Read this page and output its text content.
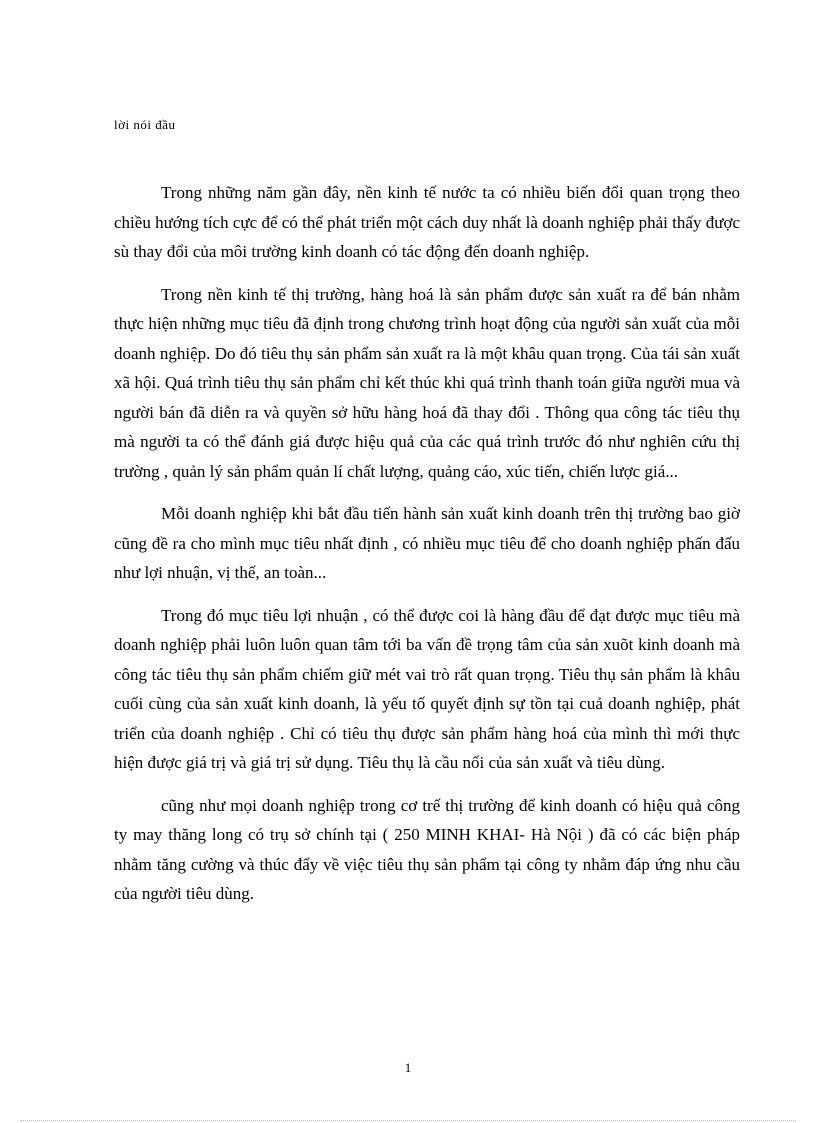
lời nói đầu

Trong những năm gần đây, nền kinh tế nước ta có nhiều biến đổi quan trọng theo chiều hướng tích cực để có thể phát triển một cách duy nhất là doanh nghiệp phải thấy được sù thay đổi của môi trường kinh doanh có tác động đến doanh nghiệp.

Trong nền kinh tế thị trường, hàng hoá là sản phẩm được sản xuất ra để bán nhằm thực hiện những mục tiêu đã định trong chương trình hoạt động của người sản xuất của mỗi doanh nghiệp. Do đó tiêu thụ sản phẩm sản xuất ra là một khâu quan trọng. Của tái sản xuất xã hội. Quá trình tiêu thụ sản phẩm chỉ kết thúc khi quá trình thanh toán giữa người mua và người bán đã diễn ra và quyền sở hữu hàng hoá đã thay đổi . Thông qua công tác tiêu thụ mà người ta có thể đánh giá được hiệu quả của các quá trình trước đó như nghiên cứu thị trường , quản lý sản phẩm quản lí chất lượng, quảng cáo, xúc tiến, chiến lược giá...

Mỗi doanh nghiệp khi bắt đầu tiến hành sản xuất kinh doanh trên thị trường bao giờ cũng đề ra cho mình mục tiêu nhất định , có nhiều mục tiêu để cho doanh nghiệp phấn đấu như lợi nhuận, vị thế, an toàn...

Trong đó mục tiêu lợi nhuận , có thể được coi là hàng đầu để đạt được mục tiêu mà doanh nghiệp phải luôn luôn quan tâm tới ba vấn đề trọng tâm của sản xuõt kinh doanh mà công tác tiêu thụ sản phẩm chiếm giữ mét vai trò rất quan trọng. Tiêu thụ sản phẩm là khâu cuối cùng của sản xuất kinh doanh, là yếu tố quyết định sự tồn tại cuả doanh nghiệp, phát triển của doanh nghiệp . Chỉ có tiêu thụ được sản phẩm hàng hoá của mình thì mới thực hiện được giá trị và giá trị sử dụng. Tiêu thụ là cầu nối của sản xuất và tiêu dùng.

cũng như mọi doanh nghiệp trong cơ trế thị trường để kinh doanh có hiệu quả công ty may thăng long có trụ sở chính tại ( 250 MINH KHAI- Hà Nội ) đã có các biện pháp nhằm tăng cường và thúc đẩy về việc tiêu thụ sản phẩm tại công ty nhằm đáp ứng nhu cầu của người tiêu dùng.

1
